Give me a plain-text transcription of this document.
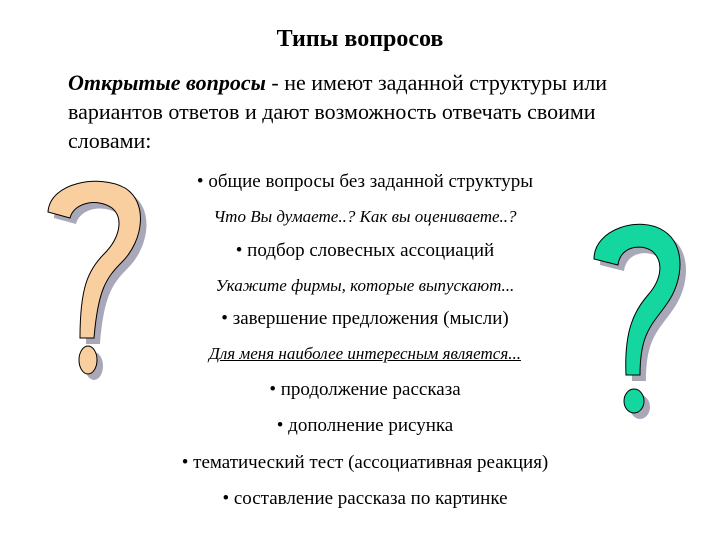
Типы вопросов
Открытые вопросы - не имеют заданной структуры или вариантов ответов и дают возможность отвечать своими словами:
• общие вопросы без заданной структуры
Что Вы думаете..? Как вы оцениваете..?
• подбор словесных ассоциаций
Укажите фирмы, которые выпускают...
• завершение предложения (мысли)
Для меня наиболее интересным является...
• продолжение рассказа
• дополнение рисунка
• тематический тест (ассоциативная реакция)
• составление рассказа по картинке
